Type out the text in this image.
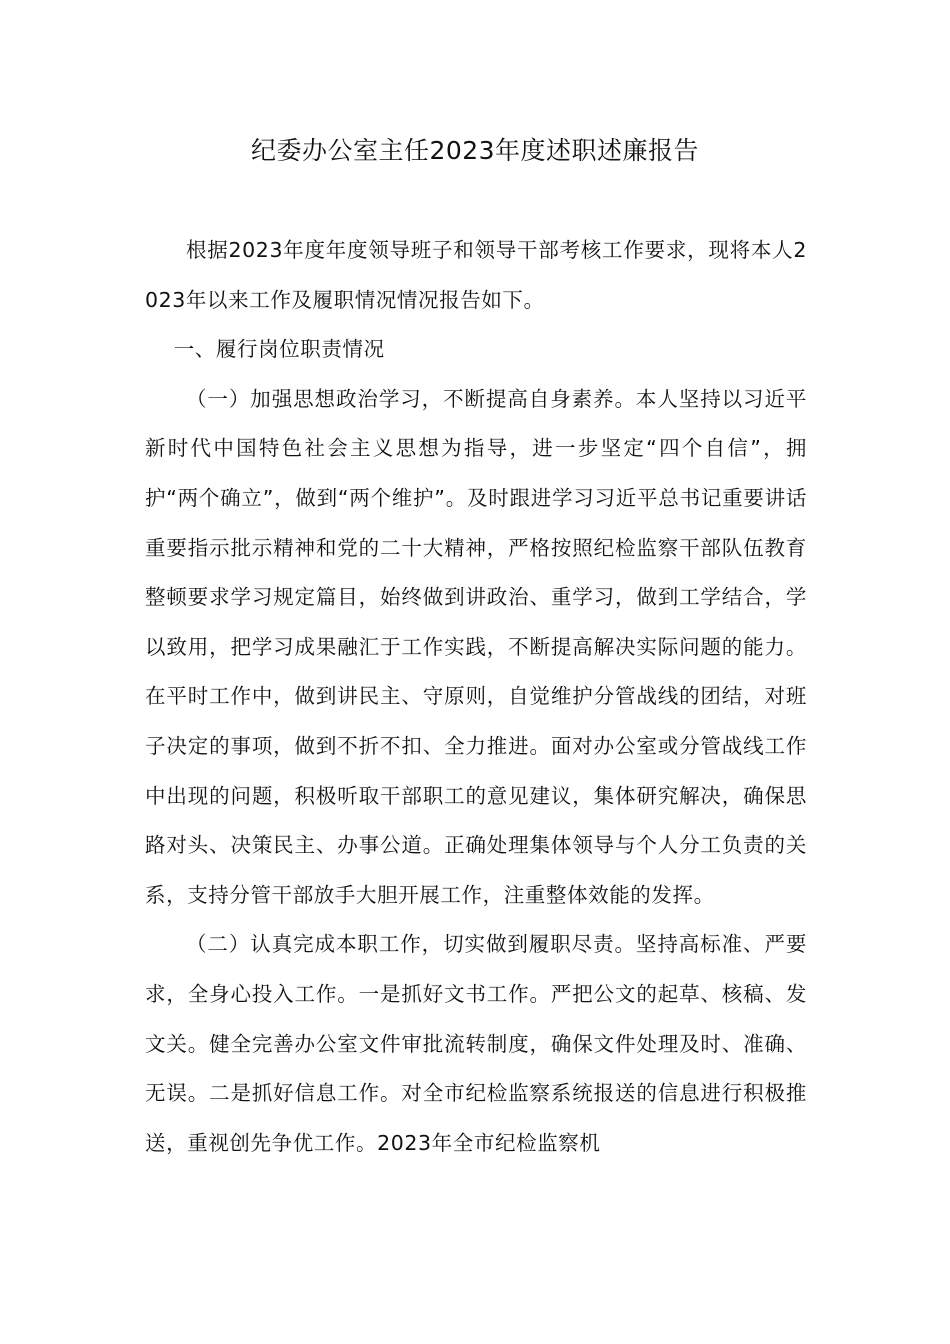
纪委办公室主任2023年度述职述廉报告

根据2023年度年度领导班子和领导干部考核工作要求，现将本人2023年以来工作及履职情况情况报告如下。

一、履行岗位职责情况

（一）加强思想政治学习，不断提高自身素养。本人坚持以习近平新时代中国特色社会主义思想为指导，进一步坚定“四个自信”，拥护“两个确立”，做到“两个维护”。及时跟进学习习近平总书记重要讲话重要指示批示精神和党的二十大精神，严格按照纪检监察干部队伍教育整顿要求学习规定篇目，始终做到讲政治、重学习，做到工学结合，学以致用，把学习成果融汇于工作实践，不断提高解决实际问题的能力。在平时工作中，做到讲民主、守原则，自觉维护分管战线的团结，对班子决定的事项，做到不折不扣、全力推进。面对办公室或分管战线工作中出现的问题，积极听取干部职工的意见建议，集体研究解决，确保思路对头、决策民主、办事公道。正确处理集体领导与个人分工负责的关系，支持分管干部放手大胆开展工作，注重整体效能的发挥。

（二）认真完成本职工作，切实做到履职尽责。坚持高标准、严要求，全身心投入工作。一是抓好文书工作。严把公文的起草、核稿、发文关。健全完善办公室文件审批流转制度，确保文件处理及时、准确、无误。二是抓好信息工作。对全市纪检监察系统报送的信息进行积极推送，重视创先争优工作。2023年全市纪检监察机
